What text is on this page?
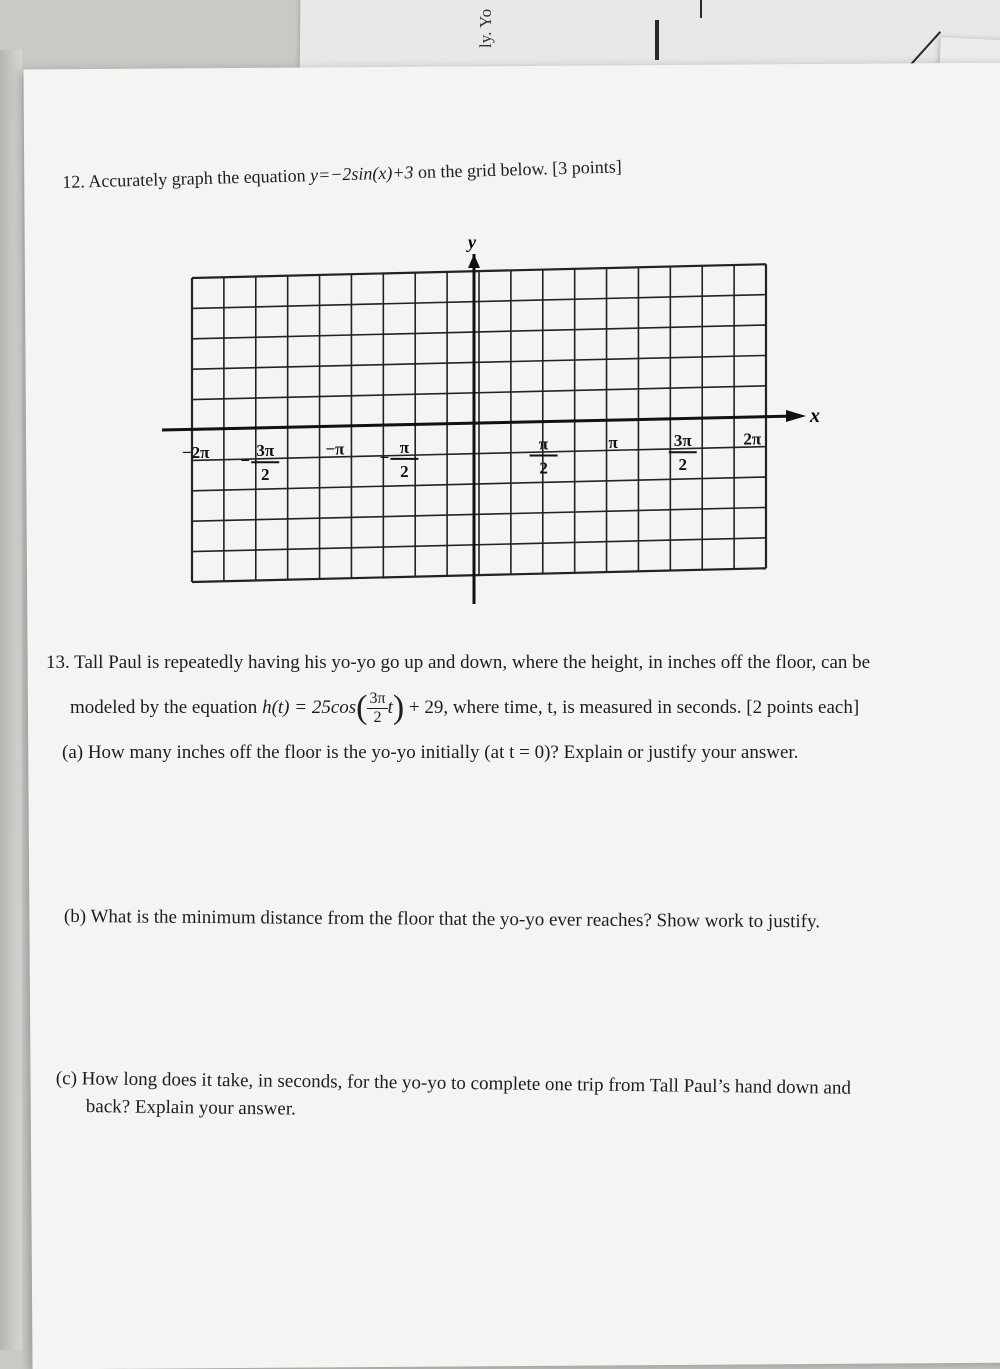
ly. Yo
12. Accurately graph the equation y=−2sin(x)+3 on the grid below. [3 points]
y
x
−2π	3π
2
−
−π	π
2
−
π
2
π	3π
2
2π
13. Tall Paul is repeatedly having his yo-yo go up and down, where the height, in inches off the floor, can be
modeled by the equation $h(t) = 25\cos( \frac{3\pi}{2} t) + 29$, where time, t, is measured in seconds. [2 points each]
(a) How many inches off the floor is the yo-yo initially (at t = 0)? Explain or justify your answer.
(b) What is the minimum distance from the floor that the yo-yo ever reaches? Show work to justify.
(c) How long does it take, in seconds, for the yo-yo to complete one trip from Tall Paul’s hand down and
back? Explain your answer.
